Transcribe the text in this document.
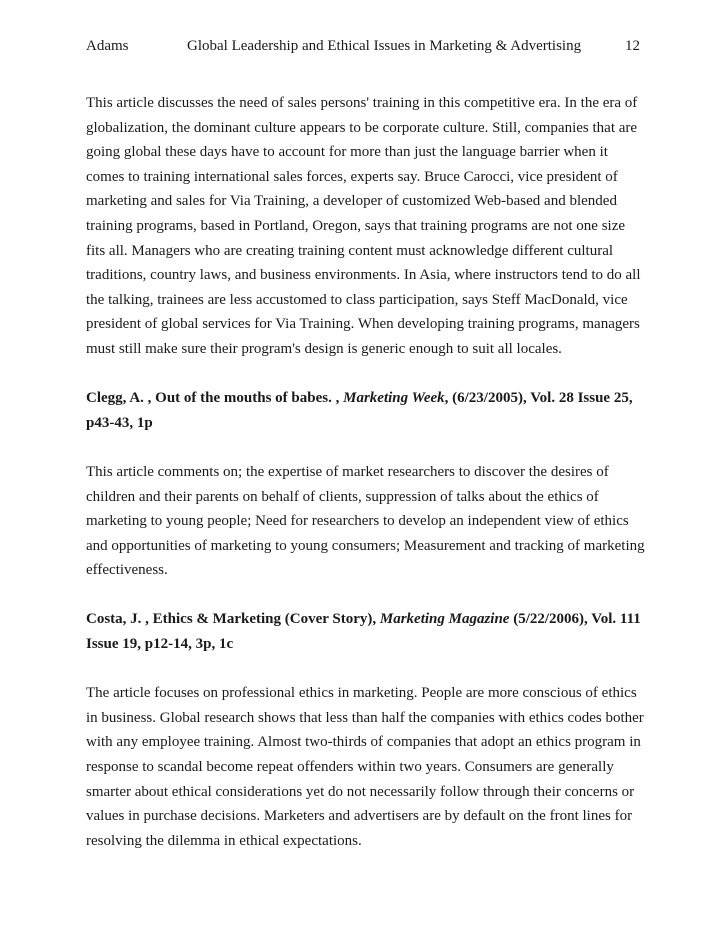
Adams	Global Leadership and Ethical Issues in Marketing & Advertising	12

This article discusses the need of sales persons' training in this competitive era. In the era of globalization, the dominant culture appears to be corporate culture. Still, companies that are going global these days have to account for more than just the language barrier when it comes to training international sales forces, experts say. Bruce Carocci, vice president of marketing and sales for Via Training, a developer of customized Web-based and blended training programs, based in Portland, Oregon, says that training programs are not one size fits all. Managers who are creating training content must acknowledge different cultural traditions, country laws, and business environments. In Asia, where instructors tend to do all the talking, trainees are less accustomed to class participation, says Steff MacDonald, vice president of global services for Via Training. When developing training programs, managers must still make sure their program's design is generic enough to suit all locales.

Clegg, A. , Out of the mouths of babes. , Marketing Week, (6/23/2005), Vol. 28 Issue 25, p43-43, 1p

This article comments on; the expertise of market researchers to discover the desires of children and their parents on behalf of clients, suppression of talks about the ethics of marketing to young people; Need for researchers to develop an independent view of ethics and opportunities of marketing to young consumers; Measurement and tracking of marketing effectiveness.

Costa, J. , Ethics & Marketing (Cover Story), Marketing Magazine (5/22/2006), Vol. 111 Issue 19, p12-14, 3p, 1c

The article focuses on professional ethics in marketing. People are more conscious of ethics in business. Global research shows that less than half the companies with ethics codes bother with any employee training. Almost two-thirds of companies that adopt an ethics program in response to scandal become repeat offenders within two years. Consumers are generally smarter about ethical considerations yet do not necessarily follow through their concerns or values in purchase decisions. Marketers and advertisers are by default on the front lines for resolving the dilemma in ethical expectations.
